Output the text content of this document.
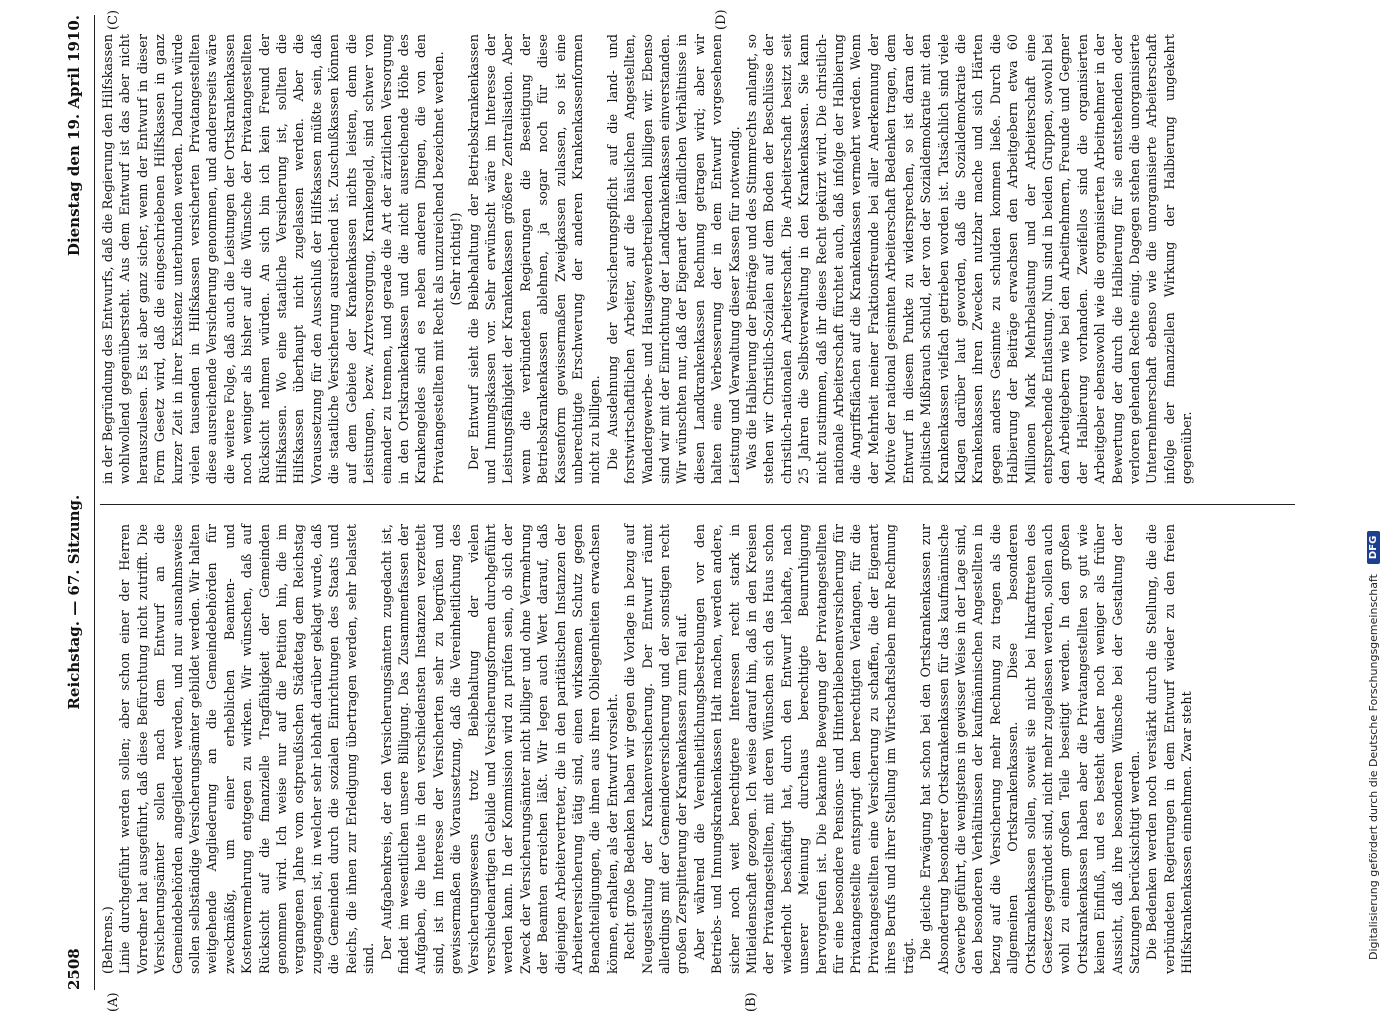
2508
Reichstag. — 67. Sitzung.
Dienstag den 19. April 1910.
(A)	(B)
(C)	(D)

(Behrens.) Linie durchgeführt werden sollen; aber schon einer der Herren Vorredner hat ausgeführt, daß diese Befürchtung nicht zutrifft. Die Versicherungsämter sollen nach dem Entwurf an die Gemeindebehörden angegliedert werden, und nur ausnahmsweise sollen selbständige Versicherungsämter gebildet werden. Wir halten weitgehende Angliederung an die Gemeindebehörden für zweckmäßig, um einer erheblichen Beamten- und Kostenvermehrung entgegen zu wirken. Wir wünschen, daß auf Rücksicht auf die finanzielle Tragfähigkeit der Gemeinden genommen wird. Ich weise nur auf die Petition hin, die im vergangenen Jahre vom ostpreußischen Städtetag dem Reichstag zugegangen ist, in welcher sehr lebhaft darüber geklagt wurde, daß die Gemeinden durch die sozialen Einrichtungen des Staats und Reichs, die ihnen zur Erledigung übertragen werden, sehr belastet sind. Der Aufgabenkreis, der den Versicherungsämtern zugedacht ist, findet im wesentlichen unsere Billigung. Das Zusammenfassen der Aufgaben, die heute in den verschiedensten Instanzen verzettelt sind, ist im Interesse der Versicherten sehr zu begrüßen und gewissermaßen die Voraussetzung, daß die Vereinheitlichung des Versicherungswesens trotz Beibehaltung der vielen verschiedenartigen Gebilde und Versicherungsformen durchgeführt werden kann. In der Kommission wird zu prüfen sein, ob sich der Zweck der Versicherungsämter nicht billiger und ohne Vermehrung der Beamten erreichen läßt. Wir legen auch Wert darauf, daß diejenigen Arbeitervertreter, die in den paritätischen Instanzen der Arbeiterversicherung tätig sind, einen wirksamen Schutz gegen Benachteiligungen, die ihnen aus ihren Obliegenheiten erwachsen können, erhalten, als der Entwurf vorsieht. Recht große Bedenken haben wir gegen die Vorlage in bezug auf Neugestaltung der Krankenversicherung. Der Entwurf räumt allerdings mit der Gemeindeversicherung und der sonstigen recht großen Zersplitterung der Krankenkassen zum Teil auf. Aber während die Vereinheitlichungsbestrebungen vor den Betriebs- und Innungskrankenkassen Halt machen, werden andere, sicher noch weit berechtigtere Interessen recht stark in Mitleidenschaft gezogen. Ich weise darauf hin, daß in den Kreisen der Privatangestellten, mit deren Wünschen sich das Haus schon wiederholt beschäftigt hat, durch den Entwurf lebhafte, nach unserer Meinung durchaus berechtigte Beunruhigung hervorgerufen ist. Die bekannte Bewegung der Privatangestellten für eine besondere Pensions- und Hinterbliebenenversicherung für Privatangestellte entspringt dem berechtigten Verlangen, für die Privatangestellten eine Versicherung zu schaffen, die der Eigenart ihres Berufs und ihrer Stellung im Wirtschaftsleben mehr Rechnung trägt. Die gleiche Erwägung hat schon bei den Ortskrankenkassen zur Absonderung besonderer Ortskrankenkassen für das kaufmännische Gewerbe geführt, die wenigstens in gewisser Weise in der Lage sind, den besonderen Verhältnissen der kaufmännischen Angestellten in bezug auf die Versicherung mehr Rechnung zu tragen als die allgemeinen Ortskrankenkassen. Diese besonderen Ortskrankenkassen sollen, soweit sie nicht bei Inkrafttreten des Gesetzes gegründet sind, nicht mehr zugelassen werden, sollen auch wohl zu einem großen Teile beseitigt werden. In den großen Ortskrankenkassen haben aber die Privatangestellten so gut wie keinen Einfluß, und es besteht daher noch weniger als früher Aussicht, daß ihre besonderen Wünsche bei der Gestaltung der Satzungen berücksichtigt werden. Die Bedenken werden noch verstärkt durch die Stellung, die die verbündeten Regierungen in dem Entwurf wieder zu den freien Hilfskrankenkassen einnehmen. Zwar steht

in der Begründung des Entwurfs, daß die Regierung den Hilfskassen wohlwollend gegenübersteht. Aus dem Entwurf ist das aber nicht herauszulesen. Es ist aber ganz sicher, wenn der Entwurf in dieser Form Gesetz wird, daß die eingeschriebenen Hilfskassen in ganz kurzer Zeit in ihrer Existenz unterbunden werden. Dadurch würde vielen tausenden in Hilfskassen versicherten Privatangestellten diese ausreichende Versicherung genommen, und andererseits wäre die weitere Folge, daß auch die Leistungen der Ortskrankenkassen noch weniger als bisher auf die Wünsche der Privatangestellten Rücksicht nehmen würden. An sich bin ich kein Freund der Hilfskassen. Wo eine staatliche Versicherung ist, sollten die Hilfskassen überhaupt nicht zugelassen werden. Aber die Voraussetzung für den Ausschluß der Hilfskassen müßte sein, daß die staatliche Versicherung ausreichend ist. Zuschußkassen können auf dem Gebiete der Krankenkassen nichts leisten, denn die Leistungen, bezw. Arztversorgung, Krankengeld, sind schwer von einander zu trennen, und gerade die Art der ärztlichen Versorgung in den Ortskrankenkassen und die nicht ausreichende Höhe des Krankengeldes sind es neben anderen Dingen, die von den Privatangestellten mit Recht als unzureichend bezeichnet werden. (Sehr richtig!) Der Entwurf sieht die Beibehaltung der Betriebskrankenkassen und Innungskassen vor. Sehr erwünscht wäre im Interesse der Leistungsfähigkeit der Krankenkassen größere Zentralisation. Aber wenn die verbündeten Regierungen die Beseitigung der Betriebskrankenkassen ablehnen, ja sogar noch für diese Kassenform gewissermaßen Zweigkassen zulassen, so ist eine unberechtigte Erschwerung der anderen Krankenkassenformen nicht zu billigen. Die Ausdehnung der Versicherungspflicht auf die land- und forstwirtschaftlichen Arbeiter, auf die häuslichen Angestellten, Wandergewerbe- und Hausgewerbetreibenden billigen wir. Ebenso sind wir mit der Einrichtung der Landkrankenkassen einverstanden. Wir wünschten nur, daß der Eigenart der ländlichen Verhältnisse in diesen Landkrankenkassen Rechnung getragen wird; aber wir halten eine Verbesserung der in dem Entwurf vorgesehenen Leistung und Verwaltung dieser Kassen für notwendig. Was die Halbierung der Beiträge und des Stimmrechts anlangt, so stehen wir Christlich-Sozialen auf dem Boden der Beschlüsse der christlich-nationalen Arbeiterschaft. Die Arbeiterschaft besitzt seit 25 Jahren die Selbstverwaltung in den Krankenkassen. Sie kann nicht zustimmen, daß ihr dieses Recht gekürzt wird. Die christlich-nationale Arbeiterschaft fürchtet auch, daß infolge der Halbierung die Angriffsflächen auf die Krankenkassen vermehrt werden. Wenn der Mehrheit meiner Fraktionsfreunde bei aller Anerkennung der Motive der national gesinnten Arbeiterschaft Bedenken tragen, dem Entwurf in diesem Punkte zu widersprechen, so ist daran der politische Mißbrauch schuld, der von der Sozialdemokratie mit den Krankenkassen vielfach getrieben worden ist. Tatsächlich sind viele Klagen darüber laut geworden, daß die Sozialdemokratie die Krankenkassen ihren Zwecken nutzbar mache und sich Härten gegen anders Gesinnte zu schulden kommen ließe. Durch die Halbierung der Beiträge erwachsen den Arbeitgebern etwa 60 Millionen Mark Mehrbelastung und der Arbeiterschaft eine entsprechende Entlastung. Nun sind in beiden Gruppen, sowohl bei den Arbeitgebern wie bei den Arbeitnehmern, Freunde und Gegner der Halbierung vorhanden. Zweifellos sind die organisierten Arbeitgeber ebensowohl wie die organisierten Arbeitnehmer in der Bewertung der durch die Halbierung für sie entstehenden oder verloren gehenden Rechte einig. Dagegen stehen die unorganisierte Unternehmerschaft ebenso wie die unorganisierte Arbeiterschaft infolge der finanziellen Wirkung der Halbierung ungekehrt gegenüber.

Digitalisierung gefördert durch die Deutsche Forschungsgemeinschaft
DFG
